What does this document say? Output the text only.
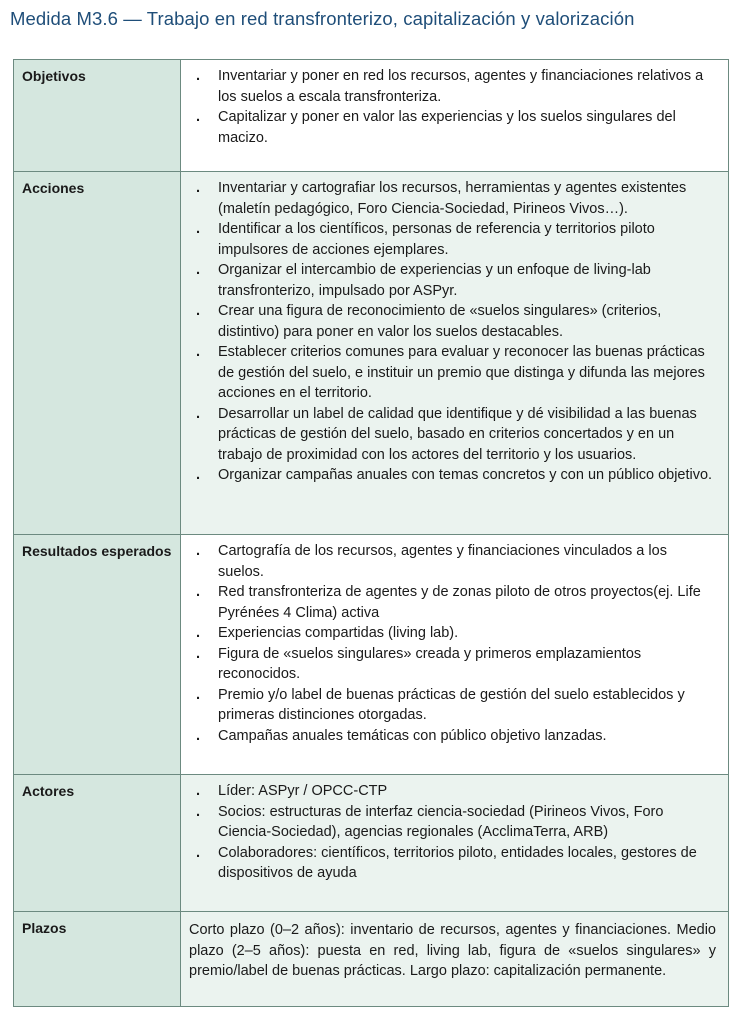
Medida M3.6 — Trabajo en red transfronterizo, capitalización y valorización
Objetivos	. Inventariar y poner en red los recursos, agentes y financiaciones relativos a los suelos a escala transfronteriza.
. Capitalizar y poner en valor las experiencias y los suelos singulares del macizo.
Acciones	. Inventariar y cartografiar los recursos, herramientas y agentes existentes (maletín pedagógico, Foro Ciencia-Sociedad, Pirineos Vivos…).
. Identificar a los científicos, personas de referencia y territorios piloto impulsores de acciones ejemplares.
. Organizar el intercambio de experiencias y un enfoque de living-lab transfronterizo, impulsado por ASPyr.
. Crear una figura de reconocimiento de «suelos singulares» (criterios, distintivo) para poner en valor los suelos destacables.
. Establecer criterios comunes para evaluar y reconocer las buenas prácticas de gestión del suelo, e instituir un premio que distinga y difunda las mejores acciones en el territorio.
. Desarrollar un label de calidad que identifique y dé visibilidad a las buenas prácticas de gestión del suelo, basado en criterios concertados y en un trabajo de proximidad con los actores del territorio y los usuarios.
. Organizar campañas anuales con temas concretos y con un público objetivo.
Resultados esperados	. Cartografía de los recursos, agentes y financiaciones vinculados a los suelos.
. Red transfronteriza de agentes y de zonas piloto de otros proyectos(ej. Life Pyrénées 4 Clima) activa
. Experiencias compartidas (living lab).
. Figura de «suelos singulares» creada y primeros emplazamientos reconocidos.
. Premio y/o label de buenas prácticas de gestión del suelo establecidos y primeras distinciones otorgadas.
. Campañas anuales temáticas con público objetivo lanzadas.
Actores	. Líder: ASPyr / OPCC-CTP
. Socios: estructuras de interfaz ciencia-sociedad (Pirineos Vivos, Foro Ciencia-Sociedad), agencias regionales (AcclimaTerra, ARB)
. Colaboradores: científicos, territorios piloto, entidades locales, gestores de dispositivos de ayuda
Plazos	Corto plazo (0–2 años): inventario de recursos, agentes y financiaciones. Medio plazo (2–5 años): puesta en red, living lab, figura de «suelos singulares» y premio/label de buenas prácticas. Largo plazo: capitalización permanente.
